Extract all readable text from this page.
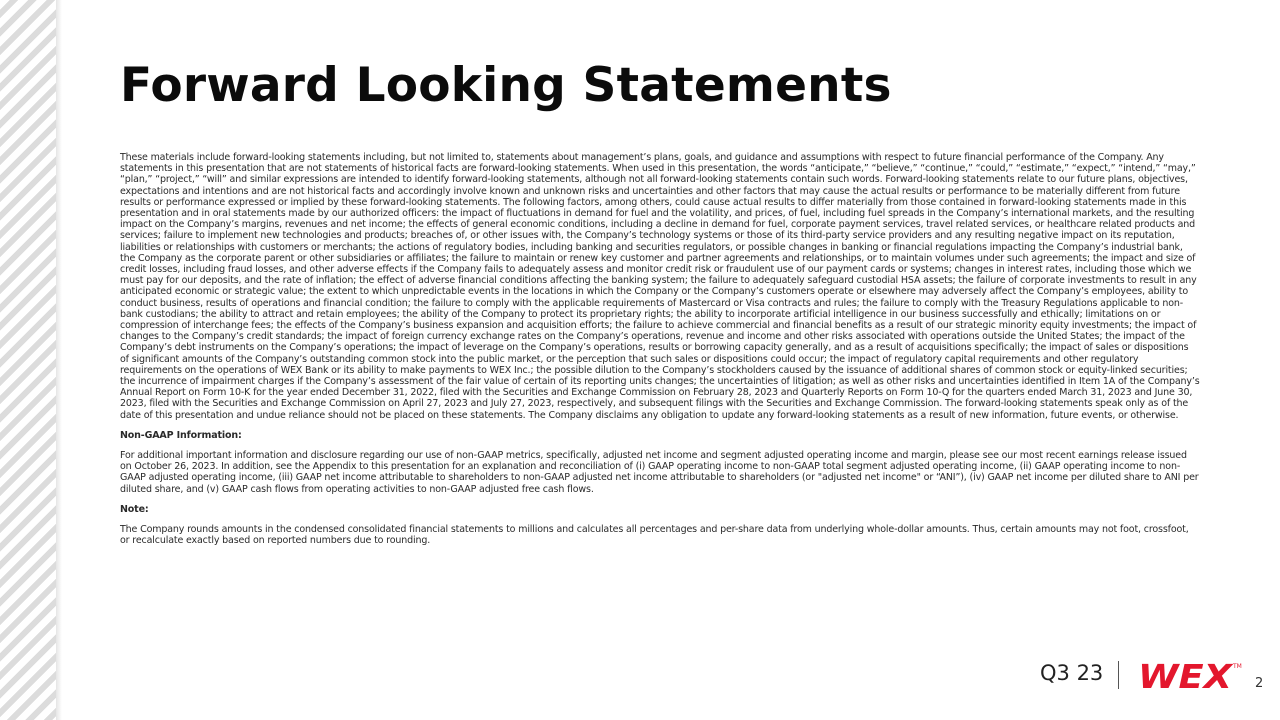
Forward Looking Statements

These materials include forward-looking statements including, but not limited to, statements about management’s plans, goals, and guidance and assumptions with respect to future financial performance of the Company. Any statements in this presentation that are not statements of historical facts are forward-looking statements. When used in this presentation, the words “anticipate,” “believe,” “continue,” “could,” “estimate,” “expect,” “intend,” “may,” “plan,” “project,” “will” and similar expressions are intended to identify forward-looking statements, although not all forward-looking statements contain such words. Forward-looking statements relate to our future plans, objectives, expectations and intentions and are not historical facts and accordingly involve known and unknown risks and uncertainties and other factors that may cause the actual results or performance to be materially different from future results or performance expressed or implied by these forward-looking statements. The following factors, among others, could cause actual results to differ materially from those contained in forward-looking statements made in this presentation and in oral statements made by our authorized officers: the impact of fluctuations in demand for fuel and the volatility, and prices, of fuel, including fuel spreads in the Company’s international markets, and the resulting impact on the Company’s margins, revenues and net income; the effects of general economic conditions, including a decline in demand for fuel, corporate payment services, travel related services, or healthcare related products and services; failure to implement new technologies and products; breaches of, or other issues with, the Company’s technology systems or those of its third-party service providers and any resulting negative impact on its reputation, liabilities or relationships with customers or merchants; the actions of regulatory bodies, including banking and securities regulators, or possible changes in banking or financial regulations impacting the Company’s industrial bank, the Company as the corporate parent or other subsidiaries or affiliates; the failure to maintain or renew key customer and partner agreements and relationships, or to maintain volumes under such agreements; the impact and size of credit losses, including fraud losses, and other adverse effects if the Company fails to adequately assess and monitor credit risk or fraudulent use of our payment cards or systems; changes in interest rates, including those which we must pay for our deposits, and the rate of inflation; the effect of adverse financial conditions affecting the banking system; the failure to adequately safeguard custodial HSA assets; the failure of corporate investments to result in any anticipated economic or strategic value; the extent to which unpredictable events in the locations in which the Company or the Company’s customers operate or elsewhere may adversely affect the Company’s employees, ability to conduct business, results of operations and financial condition; the failure to comply with the applicable requirements of Mastercard or Visa contracts and rules; the failure to comply with the Treasury Regulations applicable to non-bank custodians; the ability to attract and retain employees; the ability of the Company to protect its proprietary rights; the ability to incorporate artificial intelligence in our business successfully and ethically; limitations on or compression of interchange fees; the effects of the Company’s business expansion and acquisition efforts; the failure to achieve commercial and financial benefits as a result of our strategic minority equity investments; the impact of changes to the Company’s credit standards; the impact of foreign currency exchange rates on the Company’s operations, revenue and income and other risks associated with operations outside the United States; the impact of the Company’s debt instruments on the Company’s operations; the impact of leverage on the Company’s operations, results or borrowing capacity generally, and as a result of acquisitions specifically; the impact of sales or dispositions of significant amounts of the Company’s outstanding common stock into the public market, or the perception that such sales or dispositions could occur; the impact of regulatory capital requirements and other regulatory requirements on the operations of WEX Bank or its ability to make payments to WEX Inc.; the possible dilution to the Company’s stockholders caused by the issuance of additional shares of common stock or equity-linked securities; the incurrence of impairment charges if the Company’s assessment of the fair value of certain of its reporting units changes; the uncertainties of litigation; as well as other risks and uncertainties identified in Item 1A of the Company’s Annual Report on Form 10-K for the year ended December 31, 2022, filed with the Securities and Exchange Commission on February 28, 2023 and Quarterly Reports on Form 10-Q for the quarters ended March 31, 2023 and June 30, 2023, filed with the Securities and Exchange Commission on April 27, 2023 and July 27, 2023, respectively, and subsequent filings with the Securities and Exchange Commission. The forward-looking statements speak only as of the date of this presentation and undue reliance should not be placed on these statements. The Company disclaims any obligation to update any forward-looking statements as a result of new information, future events, or otherwise.

Non-GAAP Information:

For additional important information and disclosure regarding our use of non-GAAP metrics, specifically, adjusted net income and segment adjusted operating income and margin, please see our most recent earnings release issued on October 26, 2023. In addition, see the Appendix to this presentation for an explanation and reconciliation of (i) GAAP operating income to non-GAAP total segment adjusted operating income, (ii) GAAP operating income to non-GAAP adjusted operating income, (iii) GAAP net income attributable to shareholders to non-GAAP adjusted net income attributable to shareholders (or "adjusted net income" or “ANI”), (iv) GAAP net income per diluted share to ANI per diluted share, and (v) GAAP cash flows from operating activities to non-GAAP adjusted free cash flows.

Note:

The Company rounds amounts in the condensed consolidated financial statements to millions and calculates all percentages and per-share data from underlying whole-dollar amounts. Thus, certain amounts may not foot, crossfoot, or recalculate exactly based on reported numbers due to rounding.

Q3 23 WEX TM
2
